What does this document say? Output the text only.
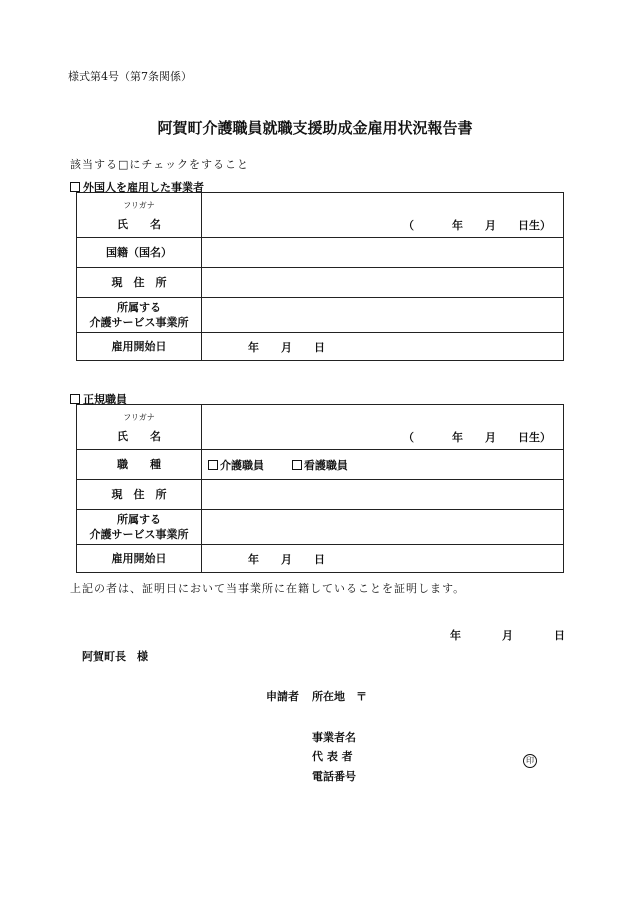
様式第4号（第7条関係）
阿賀町介護職員就職支援助成金雇用状況報告書
該当する□にチェックをすること
外国人を雇用した事業者
フリガナ
氏　　名	（ 年 月 日生）

国籍（国名）	
現　住　所	
所属する
介護サービス事業所	
雇用開始日	年 月 日
正規職員
フリガナ
氏　　名	（ 年 月 日生）

職　　種	介護職員 看護職員
現　住　所	
所属する
介護サービス事業所	
雇用開始日	年 月 日
上記の者は、証明日において当事業所に在籍していることを証明します。
年	月	日
阿賀町長　様
申請者 所在地　〒
事業者名
代 表 者	印
電話番号
